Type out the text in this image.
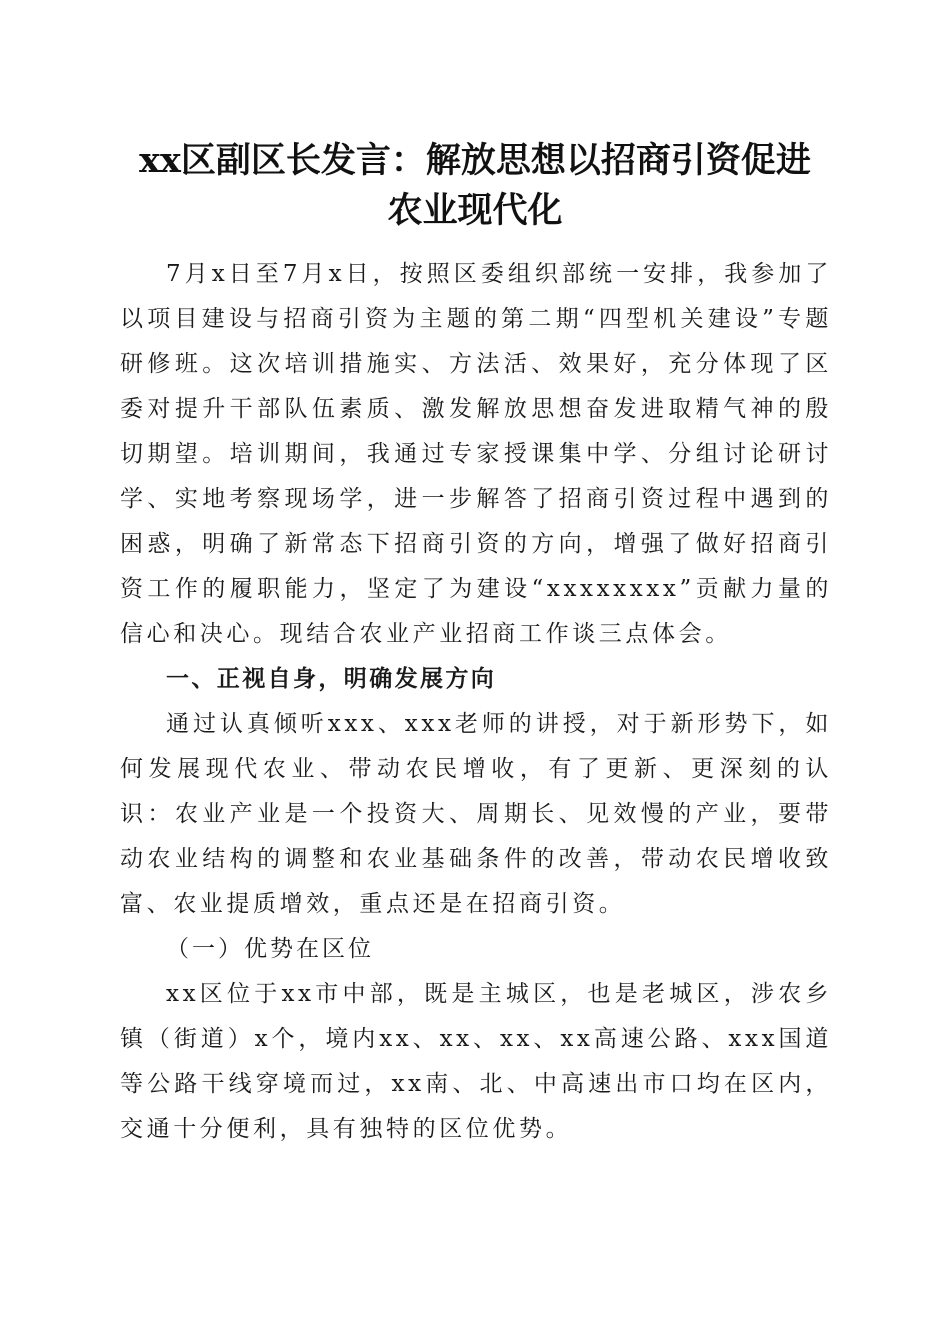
xx区副区长发言：解放思想以招商引资促进
农业现代化

7月x日至7月x日，按照区委组织部统一安排，我参加了以项目建设与招商引资为主题的第二期“四型机关建设”专题研修班。这次培训措施实、方法活、效果好，充分体现了区委对提升干部队伍素质、激发解放思想奋发进取精气神的殷切期望。培训期间，我通过专家授课集中学、分组讨论研讨学、实地考察现场学，进一步解答了招商引资过程中遇到的困惑，明确了新常态下招商引资的方向，增强了做好招商引资工作的履职能力，坚定了为建设“xxxxxxxx”贡献力量的信心和决心。现结合农业产业招商工作谈三点体会。

一、正视自身，明确发展方向

通过认真倾听xxx、xxx老师的讲授，对于新形势下，如何发展现代农业、带动农民增收，有了更新、更深刻的认识：农业产业是一个投资大、周期长、见效慢的产业，要带动农业结构的调整和农业基础条件的改善，带动农民增收致富、农业提质增效，重点还是在招商引资。

（一）优势在区位

xx区位于xx市中部，既是主城区，也是老城区，涉农乡镇（街道）x个，境内xx、xx、xx、xx高速公路、xxx国道等公路干线穿境而过，xx南、北、中高速出市口均在区内，交通十分便利，具有独特的区位优势。
